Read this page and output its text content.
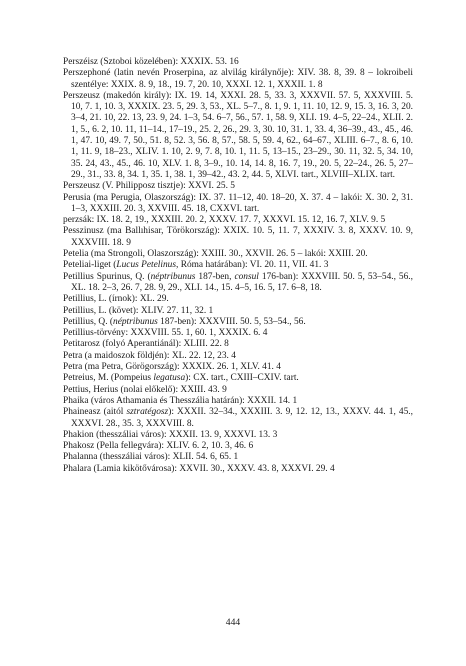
Perszéisz (Sztoboi közelében): XXXIX. 53. 16

Perszephoné (latin nevén Proserpina, az alvilág királynője): XIV. 38. 8, 39. 8 – lokroibeli szentélye: XXIX. 8. 9, 18., 19. 7, 20. 10, XXXI. 12. 1, XXXII. 1. 8

Perszeusz (makedón király): IX. 19. 14, XXXI. 28. 5, 33. 3, XXXVII. 57. 5, XXXVIII. 5. 10, 7. 1, 10. 3, XXXIX. 23. 5, 29. 3, 53., XL. 5–7., 8. 1, 9. 1, 11. 10, 12. 9, 15. 3, 16. 3, 20. 3–4, 21. 10, 22. 13, 23. 9, 24. 1–3, 54. 6–7, 56., 57. 1, 58. 9, XLI. 19. 4–5, 22–24., XLII. 2. 1, 5., 6. 2, 10. 11, 11–14., 17–19., 25. 2, 26., 29. 3, 30. 10, 31. 1, 33. 4, 36–39., 43., 45., 46. 1, 47. 10, 49. 7, 50., 51. 8, 52. 3, 56. 8, 57., 58. 5, 59. 4, 62., 64–67., XLIII. 6–7., 8. 6, 10. 1, 11. 9, 18–23., XLIV. 1. 10, 2. 9, 7. 8, 10. 1, 11. 5, 13–15., 23–29., 30. 11, 32. 5, 34. 10, 35. 24, 43., 45., 46. 10, XLV. 1. 8, 3–9., 10. 14, 14. 8, 16. 7, 19., 20. 5, 22–24., 26. 5, 27–29., 31., 33. 8, 34. 1, 35. 1, 38. 1, 39–42., 43. 2, 44. 5, XLVI. tart., XLVIII–XLIX. tart.

Perszeusz (V. Philipposz tisztje): XXVI. 25. 5

Perusia (ma Perugia, Olaszország): IX. 37. 11–12, 40. 18–20, X. 37. 4 – lakói: X. 30. 2, 31. 1–3, XXXIII. 20. 3, XXVIII. 45. 18, CXXVI. tart.

perzsák: IX. 18. 2, 19., XXXIII. 20. 2, XXXV. 17. 7, XXXVI. 15. 12, 16. 7, XLV. 9. 5

Pesszinusz (ma Ballıhisar, Törökország): XXIX. 10. 5, 11. 7, XXXIV. 3. 8, XXXV. 10. 9, XXXVIII. 18. 9

Petelia (ma Strongoli, Olaszország): XXIII. 30., XXVII. 26. 5 – lakói: XXIII. 20.

Peteliai-liget (Lucus Petelinus, Róma határában): VI. 20. 11, VII. 41. 3

Petillius Spurinus, Q. (néptribunus 187-ben, consul 176-ban): XXXVIII. 50. 5, 53–54., 56., XL. 18. 2–3, 26. 7, 28. 9, 29., XLI. 14., 15. 4–5, 16. 5, 17. 6–8, 18.

Petillius, L. (írnok): XL. 29.

Petillius, L. (követ): XLIV. 27. 11, 32. 1

Petillius, Q. (néptribunus 187-ben): XXXVIII. 50. 5, 53–54., 56.

Petillius-törvény: XXXVIII. 55. 1, 60. 1, XXXIX. 6. 4

Petitarosz (folyó Aperantiánál): XLIII. 22. 8

Petra (a maidoszok földjén): XL. 22. 12, 23. 4

Petra (ma Petra, Görögország): XXXIX. 26. 1, XLV. 41. 4

Petreius, M. (Pompeius legatusa): CX. tart., CXIII–CXIV. tart.

Pettius, Herius (nolai előkelő): XXIII. 43. 9

Phaika (város Athamania és Thesszália határán): XXXII. 14. 1

Phaineasz (aitól sztratégosz): XXXII. 32–34., XXXIII. 3. 9, 12. 12, 13., XXXV. 44. 1, 45., XXXVI. 28., 35. 3, XXXVIII. 8.

Phakion (thesszáliai város): XXXII. 13. 9, XXXVI. 13. 3

Phakosz (Pella fellegvára): XLIV. 6. 2, 10. 3, 46. 6

Phalanna (thesszáliai város): XLII. 54. 6, 65. 1

Phalara (Lamia kikötővárosa): XXVII. 30., XXXV. 43. 8, XXXVI. 29. 4

444
